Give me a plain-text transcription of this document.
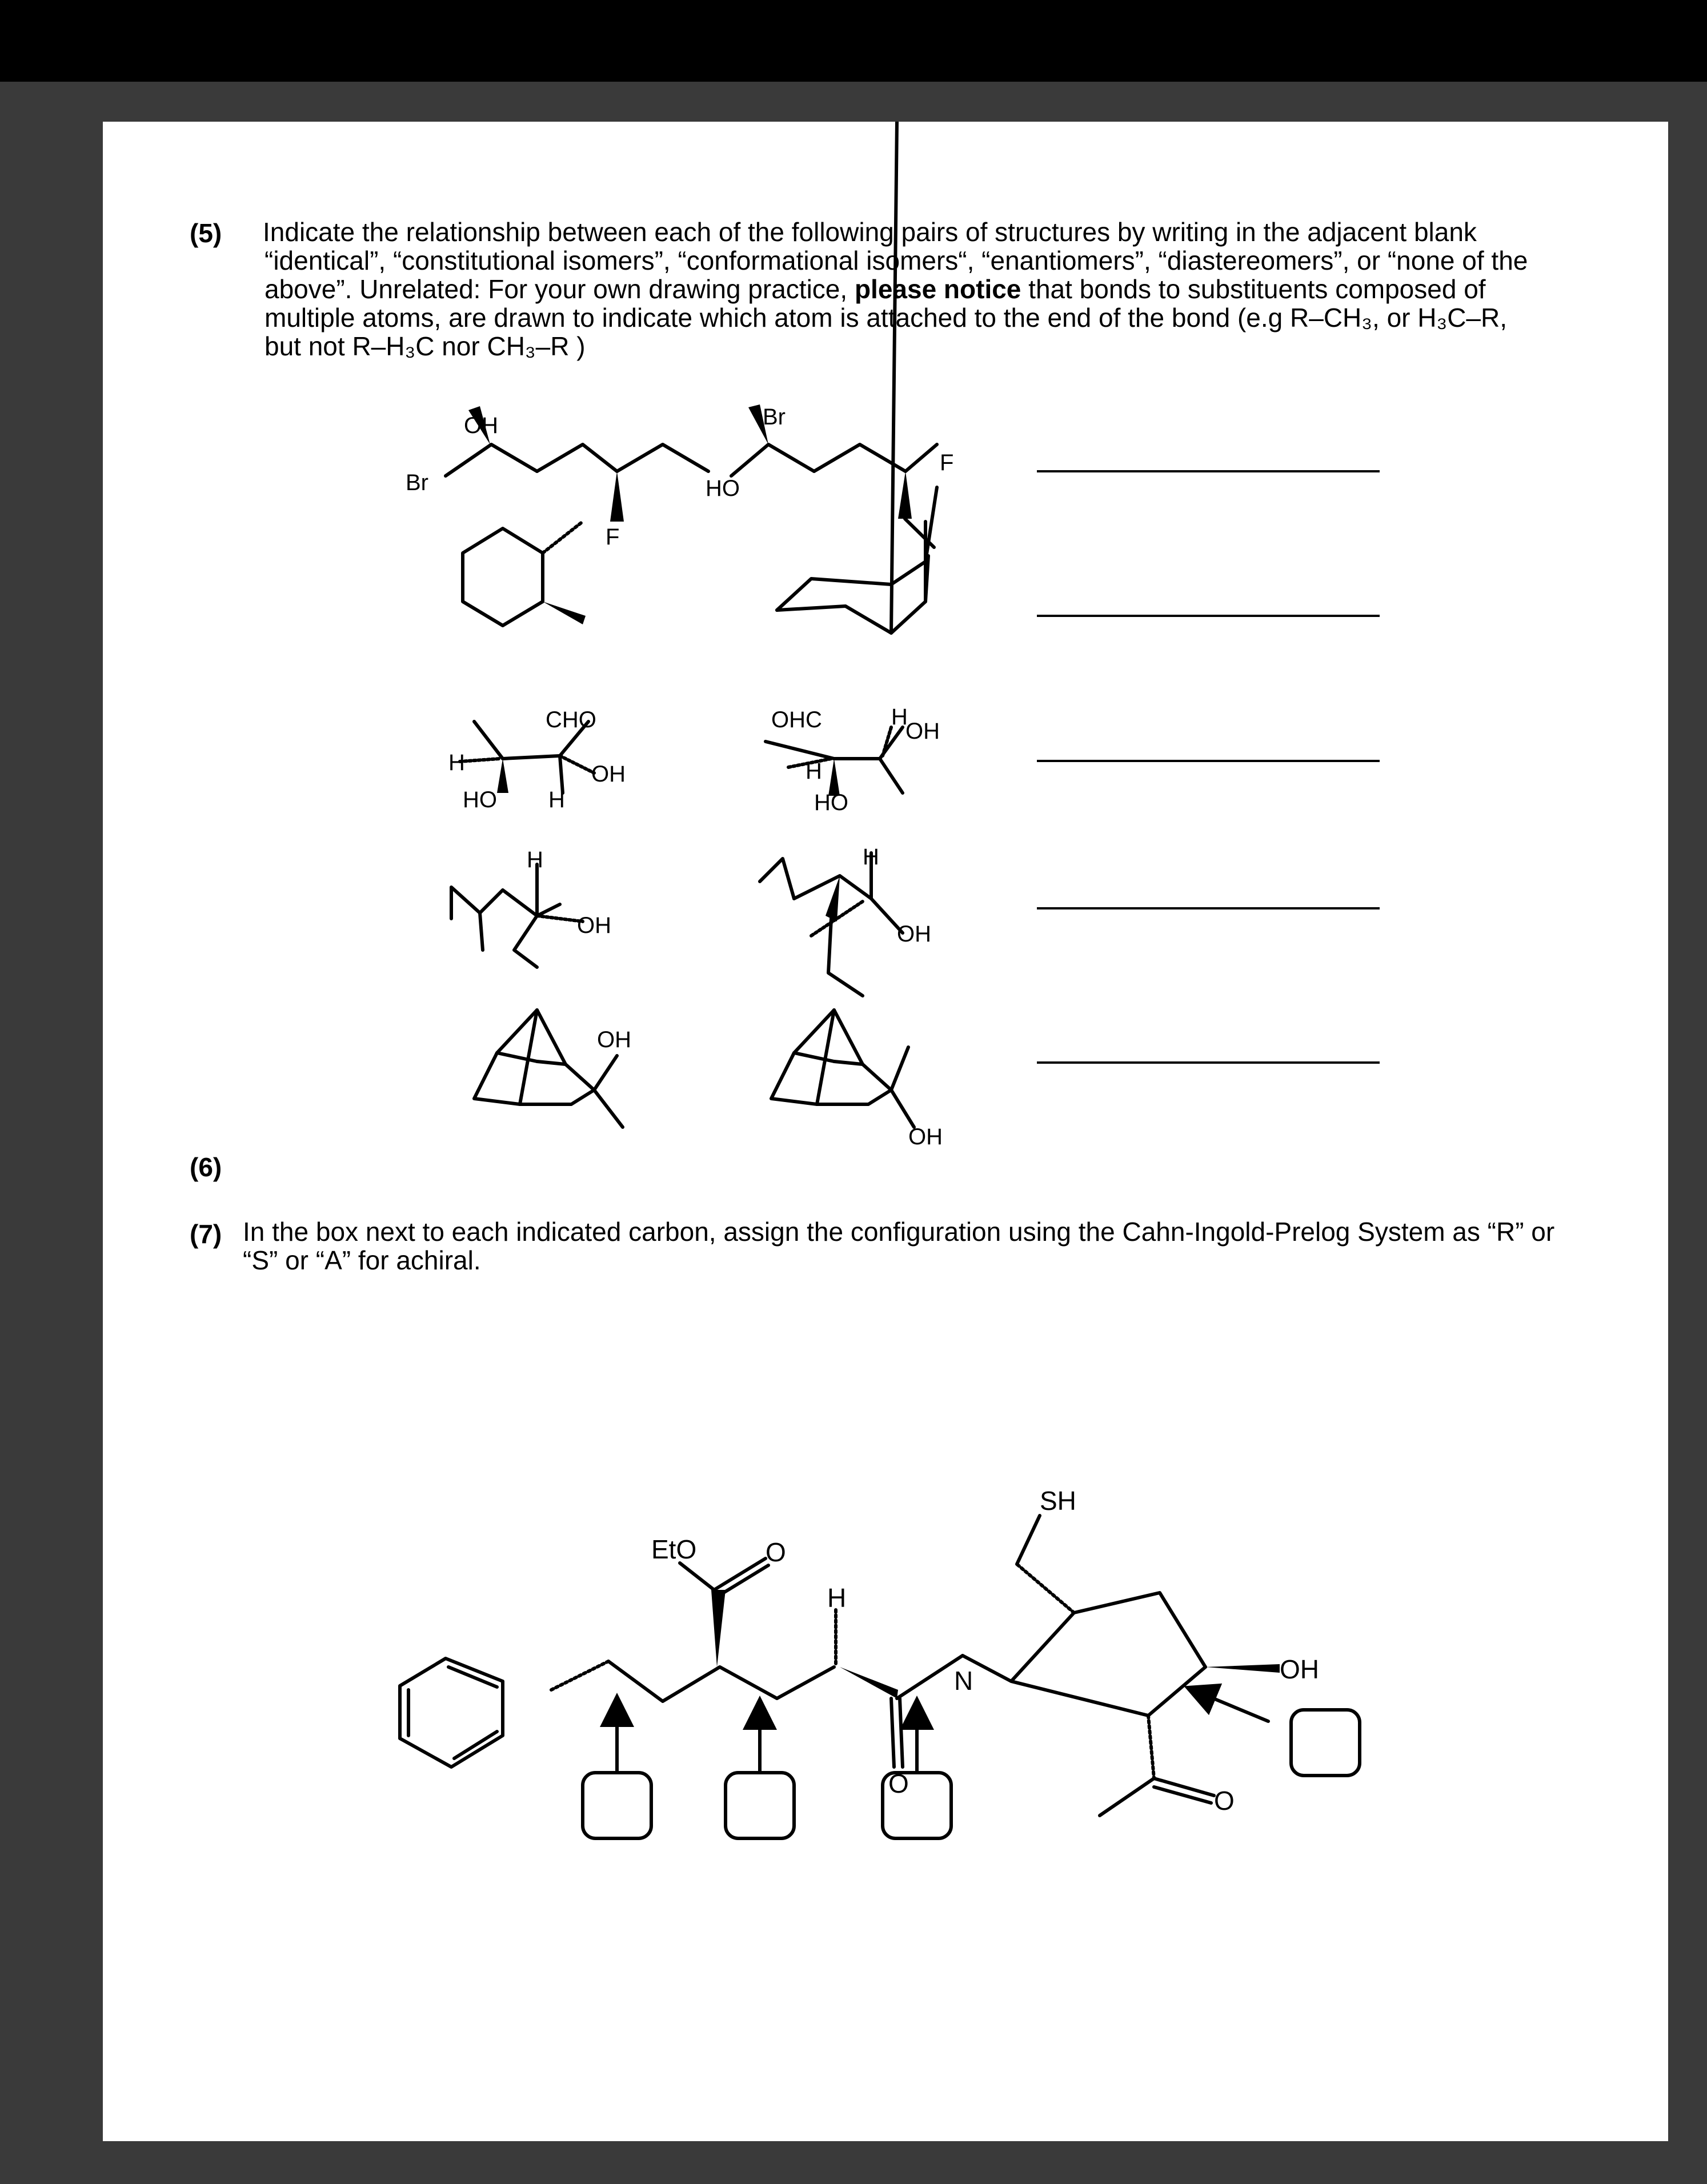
(5) Indicate the relationship between each of the following pairs of structures by writing in the adjacent blank
“identical”, “constitutional isomers”, “conformational isomers“, “enantiomers”, “diastereomers”, or “none of the
above”. Unrelated: For your own drawing practice, please notice that bonds to substituents composed of
multiple atoms, are drawn to indicate which atom is attached to the end of the bond (e.g R–CH₃, or H₃C–R,
but not R–H₃C nor CH₃–R )
(6)
(7) In the box next to each indicated carbon, assign the configuration using the Cahn-Ingold-Prelog System as “R” or
“S” or “A” for achiral.
OH
Br
F
Br
HO
F
CHO
H	OH
HO H
OHC	H
OH
H
HO
H
OH
H
OH
OH
OH
SH
EtO	O
H
N	OH
O
O
